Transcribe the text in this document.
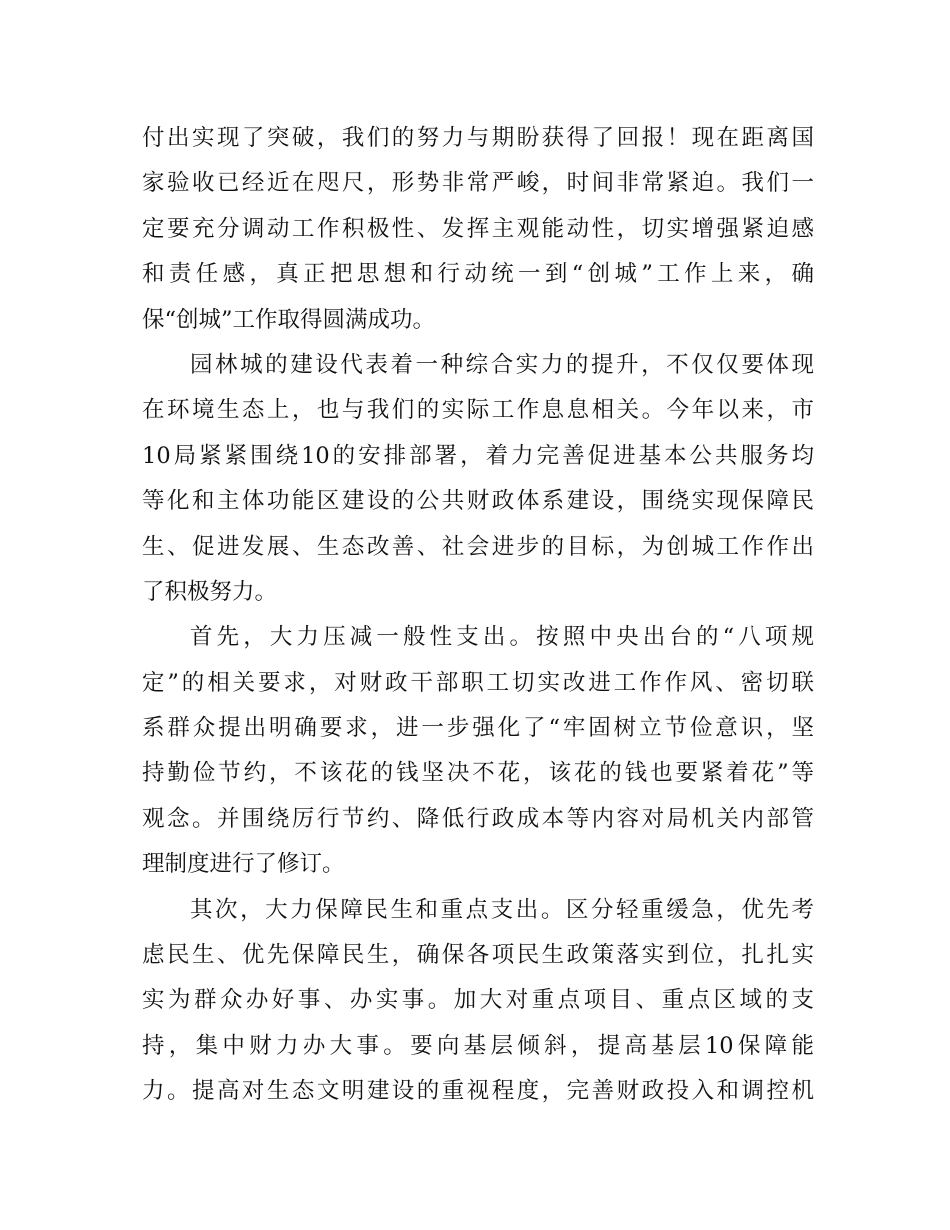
付出实现了突破，我们的努力与期盼获得了回报！现在距离国
家验收已经近在咫尺，形势非常严峻，时间非常紧迫。我们一
定要充分调动工作积极性、发挥主观能动性，切实增强紧迫感
和责任感，真正把思想和行动统一到“创城”工作上来，确
保“创城”工作取得圆满成功。
园林城的建设代表着一种综合实力的提升，不仅仅要体现
在环境生态上，也与我们的实际工作息息相关。今年以来，市
10局紧紧围绕10的安排部署，着力完善促进基本公共服务均
等化和主体功能区建设的公共财政体系建设，围绕实现保障民
生、促进发展、生态改善、社会进步的目标，为创城工作作出
了积极努力。
首先，大力压减一般性支出。按照中央出台的“八项规
定”的相关要求，对财政干部职工切实改进工作作风、密切联
系群众提出明确要求，进一步强化了“牢固树立节俭意识，坚
持勤俭节约，不该花的钱坚决不花，该花的钱也要紧着花”等
观念。并围绕厉行节约、降低行政成本等内容对局机关内部管
理制度进行了修订。
其次，大力保障民生和重点支出。区分轻重缓急，优先考
虑民生、优先保障民生，确保各项民生政策落实到位，扎扎实
实为群众办好事、办实事。加大对重点项目、重点区域的支
持，集中财力办大事。要向基层倾斜，提高基层10保障能
力。提高对生态文明建设的重视程度，完善财政投入和调控机
